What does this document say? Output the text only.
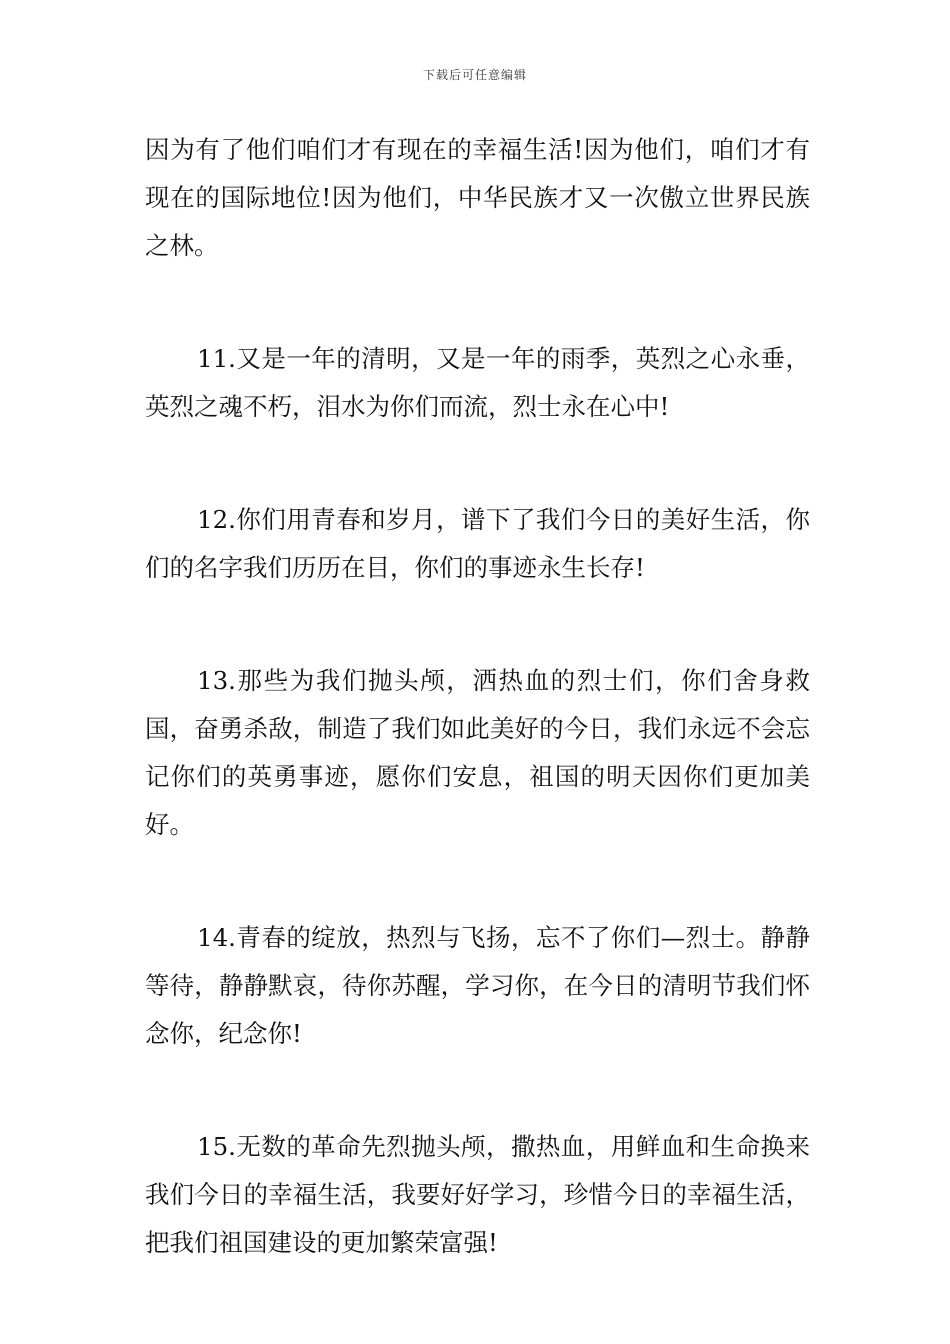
下载后可任意编辑

因为有了他们咱们才有现在的幸福生活!因为他们，咱们才有现在的国际地位!因为他们，中华民族才又一次傲立世界民族之林。

11.又是一年的清明，又是一年的雨季，英烈之心永垂，英烈之魂不朽，泪水为你们而流，烈士永在心中!

12.你们用青春和岁月，谱下了我们今日的美好生活，你们的名字我们历历在目，你们的事迹永生长存!

13.那些为我们抛头颅，洒热血的烈士们，你们舍身救国，奋勇杀敌，制造了我们如此美好的今日，我们永远不会忘记你们的英勇事迹，愿你们安息，祖国的明天因你们更加美好。

14.青春的绽放，热烈与飞扬，忘不了你们—烈士。静静等待，静静默哀，待你苏醒，学习你，在今日的清明节我们怀念你，纪念你!

15.无数的革命先烈抛头颅，撒热血，用鲜血和生命换来我们今日的幸福生活，我要好好学习，珍惜今日的幸福生活，把我们祖国建设的更加繁荣富强!
